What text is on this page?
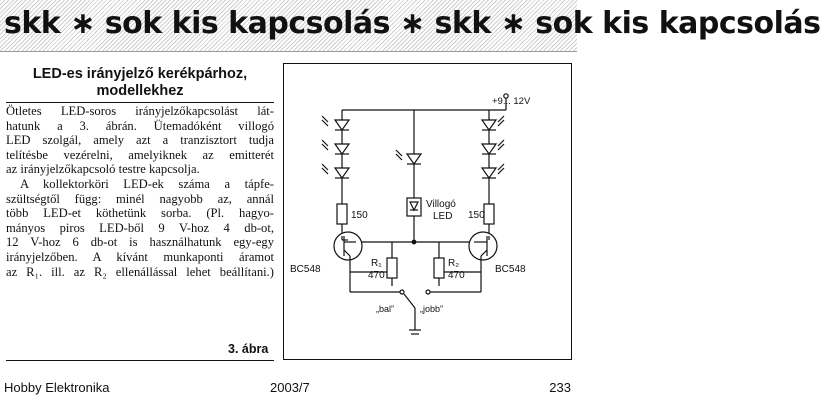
skk ∗ sok kis kapcsolás ∗ skk ∗ sok kis kapcsolás
LED-es irányjelző kerékpárhoz,
modellekhez
Ötletes LED-soros irányjelzőkapcsolást lát-
hatunk a 3. ábrán. Ütemadóként villogó
LED szolgál, amely azt a tranzisztort tudja
telítésbe vezérelni, amelyiknek az emitterét
az irányjelzőkapcsoló testre kapcsolja.
A kollektorköri LED-ek száma a tápfe-
szültségtől függ: minél nagyobb az, annál
több LED-et köthetünk sorba. (Pl. hagyo-
mányos piros LED-ből 9 V-hoz 4 db-ot,
12 V-hoz 6 db-ot is használhatunk egy-egy
irányjelzőben. A kívánt munkaponti áramot
az R₁. ill. az R₂ ellenállással lehet beállítani.)
3. ábra
+9... 12V
150	150
Villogó
LED
BC548	BC548
R₁
470
R₂
470
„bal”	„jobb”
Hobby Elektronika	2003/7	233
